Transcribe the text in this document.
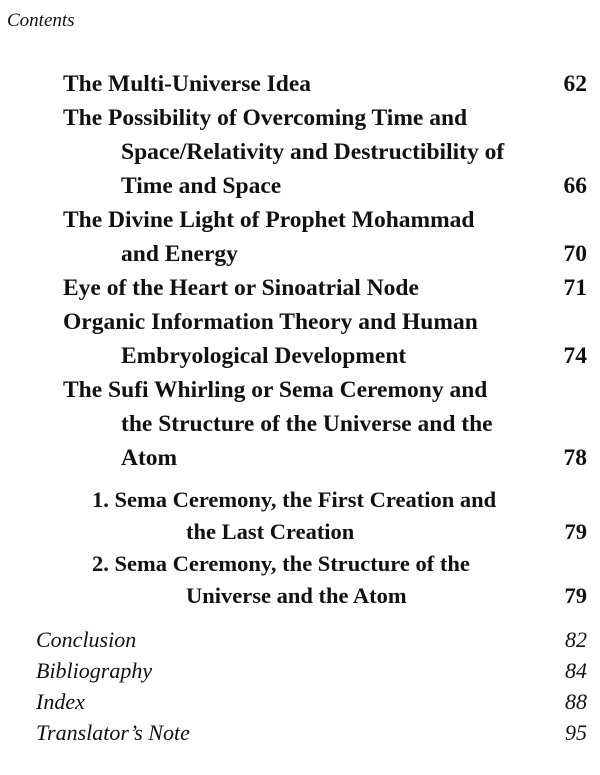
Contents
The Multi-Universe Idea	62
The Possibility of Overcoming Time and
Space/Relativity and Destructibility of
Time and Space	66
The Divine Light of Prophet Mohammad
and Energy	70
Eye of the Heart or Sinoatrial Node	71
Organic Information Theory and Human
Embryological Development	74
The Sufi Whirling or Sema Ceremony and
the Structure of the Universe and the
Atom	78
1. Sema Ceremony, the First Creation and
the Last Creation	79
2. Sema Ceremony, the Structure of the
Universe and the Atom	79
Conclusion	82
Bibliography	84
Index	88
Translator’s Note	95
